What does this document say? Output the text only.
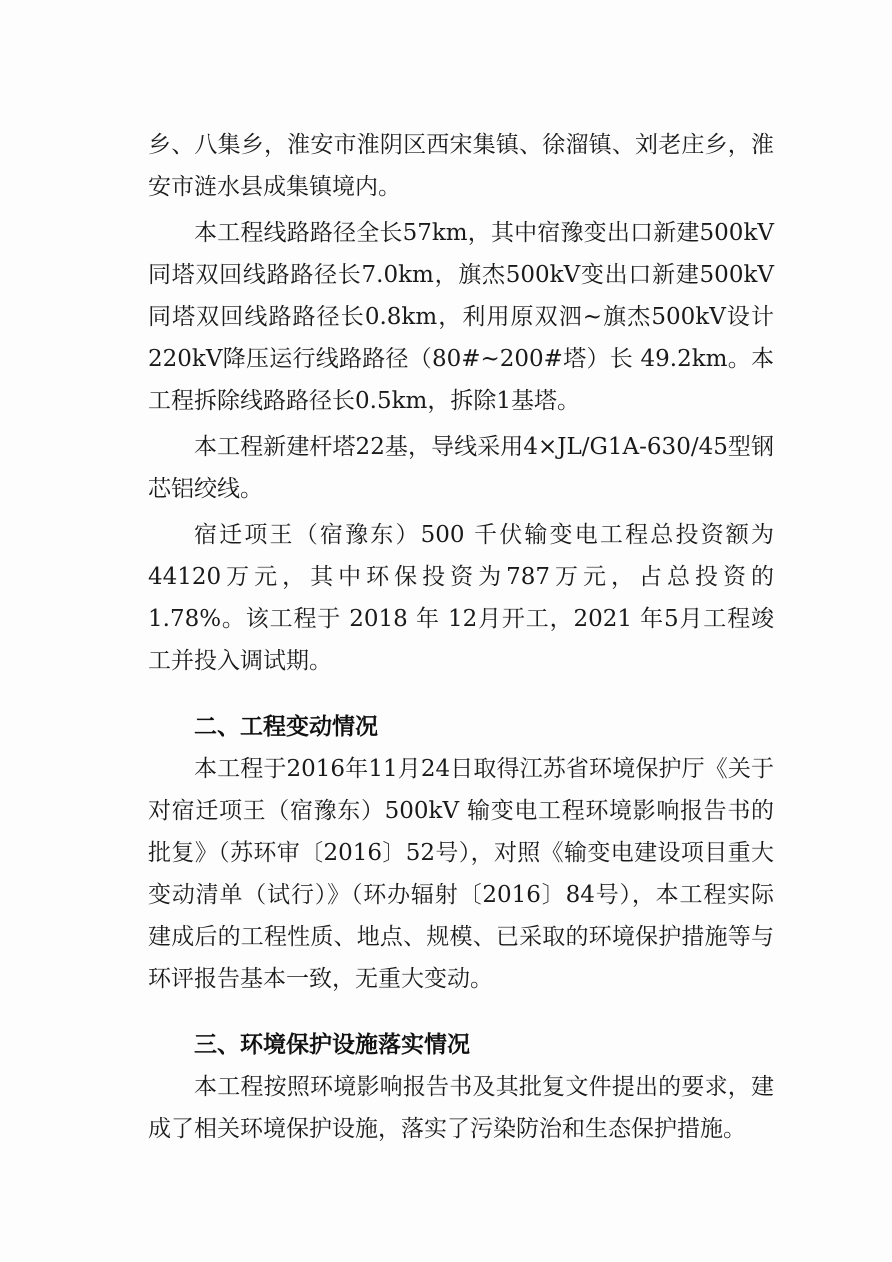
乡、八集乡，淮安市淮阴区西宋集镇、徐溜镇、刘老庄乡，淮安市涟水县成集镇境内。

本工程线路路径全长57km，其中宿豫变出口新建500kV同塔双回线路路径长7.0km，旗杰500kV变出口新建500kV同塔双回线路路径长0.8km，利用原双泗~旗杰500kV设计220kV降压运行线路路径（80#~200#塔）长 49.2km。本工程拆除线路路径长0.5km，拆除1基塔。

本工程新建杆塔22基，导线采用4×JL/G1A-630/45型钢芯铝绞线。

宿迁项王（宿豫东）500 千伏输变电工程总投资额为44120万元，其中环保投资为787万元，占总投资的1.78%。该工程于 2018 年 12月开工，2021 年5月工程竣工并投入调试期。

二、工程变动情况

本工程于2016年11月24日取得江苏省环境保护厅《关于对宿迁项王（宿豫东）500kV 输变电工程环境影响报告书的批复》（苏环审〔2016〕52号），对照《输变电建设项目重大变动清单（试行）》（环办辐射〔2016〕84号），本工程实际建成后的工程性质、地点、规模、已采取的环境保护措施等与环评报告基本一致，无重大变动。

三、环境保护设施落实情况

本工程按照环境影响报告书及其批复文件提出的要求，建成了相关环境保护设施，落实了污染防治和生态保护措施。
